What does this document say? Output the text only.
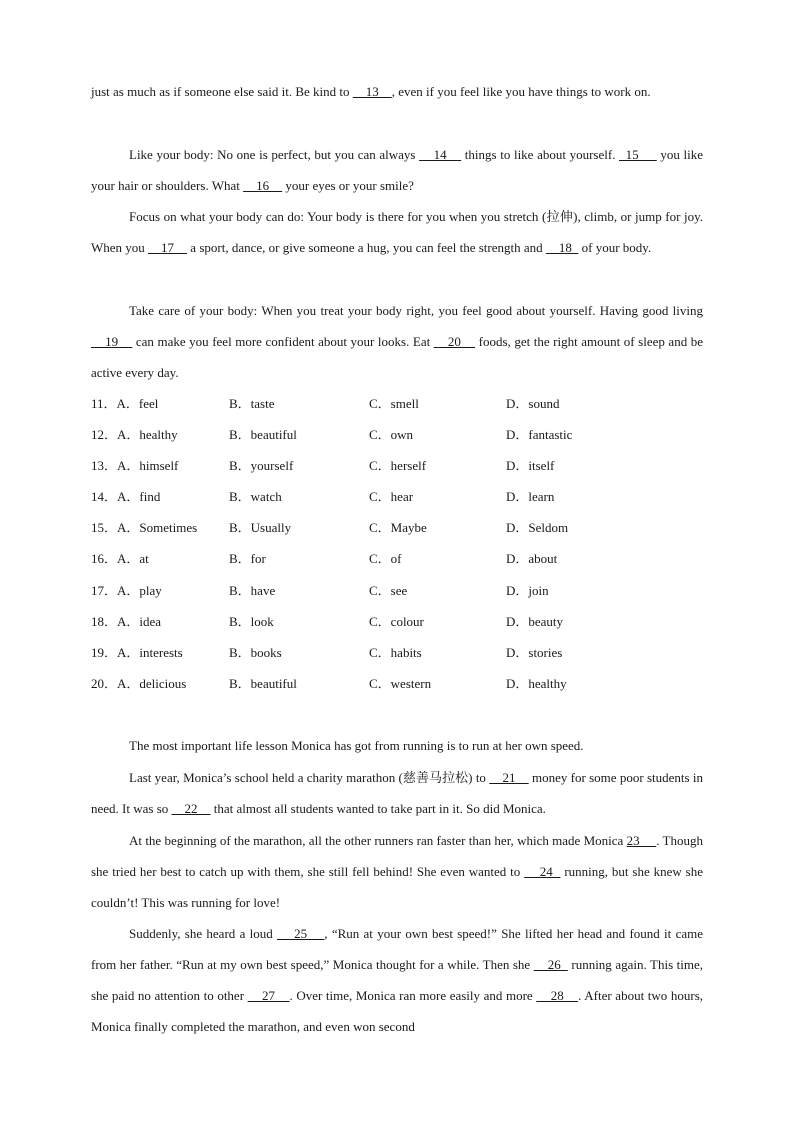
just as much as if someone else said it. Be kind to     13    , even if you feel like you have things to work on.

Like your body: No one is perfect, but you can always     14     things to like about yourself. _15      you like your hair or shoulders. What     16     your eyes or your smile?

Focus on what your body can do: Your body is there for you when you stretch (拉伸), climb, or jump for joy. When you     17     a sport, dance, or give someone a hug, you can feel the strength and     18   of your body.

Take care of your body: When you treat your body right, you feel good about yourself. Having good living     19     can make you feel more confident about your looks. Eat     20     foods, get the right amount of sleep and be active every day.

11．A．feel	B．taste	C．smell	D．sound
12．A．healthy	B．beautiful	C．own	D．fantastic
13．A．himself	B．yourself	C．herself	D．itself
14．A．find	B．watch	C．hear	D．learn
15．A．Sometimes B．Usually	C．Maybe	D．Seldom
16．A．at	B．for	C．of	D．about
17．A．play	B．have	C．see	D．join
18．A．idea	B．look	C．colour	D．beauty
19．A．interests	B．books	C．habits	D．stories
20．A．delicious	B．beautiful	C．western	D．healthy

The most important life lesson Monica has got from running is to run at her own speed.

Last year, Monica’s school held a charity marathon (慈善马拉松) to     21     money for some poor students in need. It was so     22     that almost all students wanted to take part in it. So did Monica.

At the beginning of the marathon, all the other runners ran faster than her, which made Monica 23     . Though she tried her best to catch up with them, she still fell behind! She even wanted to     24   running, but she knew she couldn’t! This was running for love!

Suddenly, she heard a loud     25    , “Run at your own best speed!” She lifted her head and found it came from her father. “Run at my own best speed,” Monica thought for a while. Then she     26   running again. This time, she paid no attention to other     27    . Over time, Monica ran more easily and more     28    . After about two hours, Monica finally completed the marathon, and even won second
